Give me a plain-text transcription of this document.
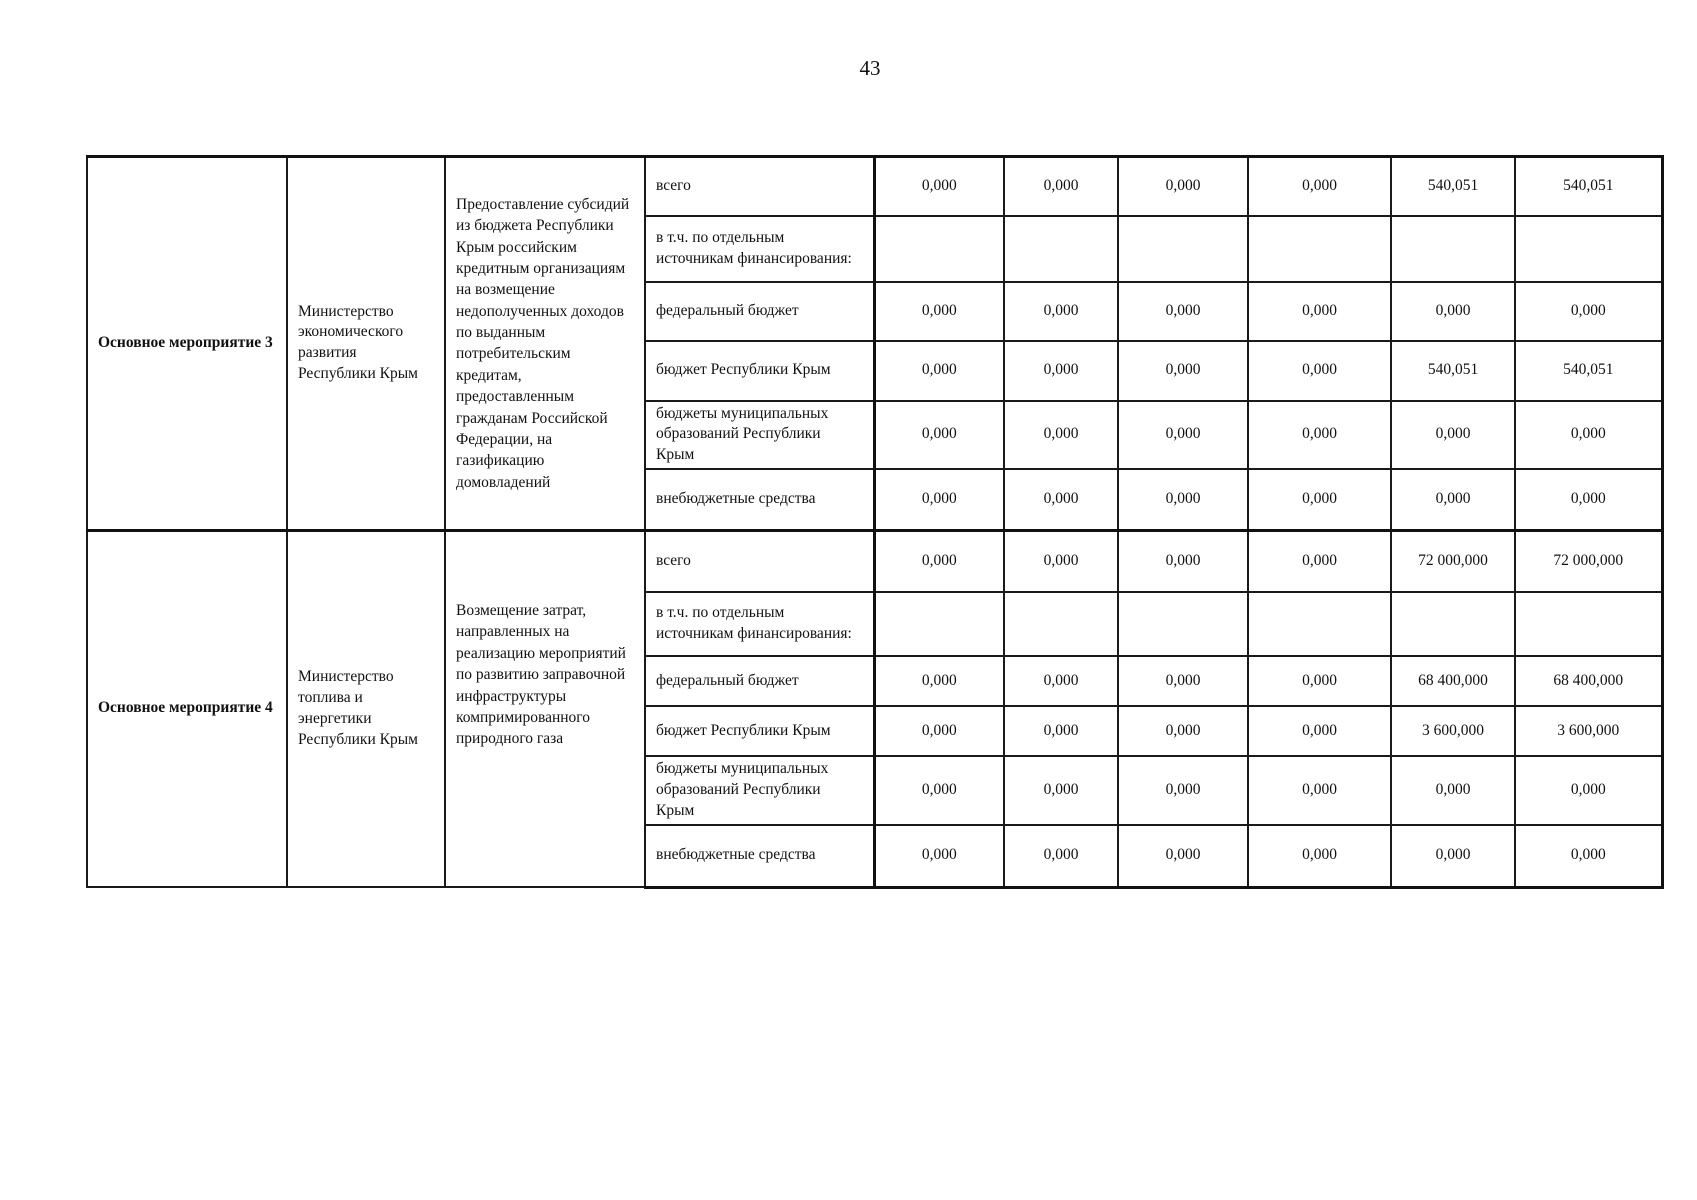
43
Основное мероприятие 3	Министерство экономического развития Республики Крым	Предоставление субсидий из бюджета Республики Крым российским кредитным организациям на возмещение недополученных доходов по выданным потребительским кредитам, предоставленным гражданам Российской Федерации, на газификацию домовладений	всего	0,000	0,000	0,000	0,000	540,051	540,051
			в т.ч. по отдельным источникам финансирования:						
			федеральный бюджет	0,000	0,000	0,000	0,000	0,000	0,000
			бюджет Республики Крым	0,000	0,000	0,000	0,000	540,051	540,051
			бюджеты муниципальных образований Республики Крым	0,000	0,000	0,000	0,000	0,000	0,000
			внебюджетные средства	0,000	0,000	0,000	0,000	0,000	0,000
Основное мероприятие 4	Министерство топлива и энергетики Республики Крым	Возмещение затрат, направленных на реализацию мероприятий по развитию заправочной инфраструктуры компримированного природного газа	всего	0,000	0,000	0,000	0,000	72 000,000	72 000,000
			в т.ч. по отдельным источникам финансирования:						
			федеральный бюджет	0,000	0,000	0,000	0,000	68 400,000	68 400,000
			бюджет Республики Крым	0,000	0,000	0,000	0,000	3 600,000	3 600,000
			бюджеты муниципальных образований Республики Крым	0,000	0,000	0,000	0,000	0,000	0,000
			внебюджетные средства	0,000	0,000	0,000	0,000	0,000	0,000
